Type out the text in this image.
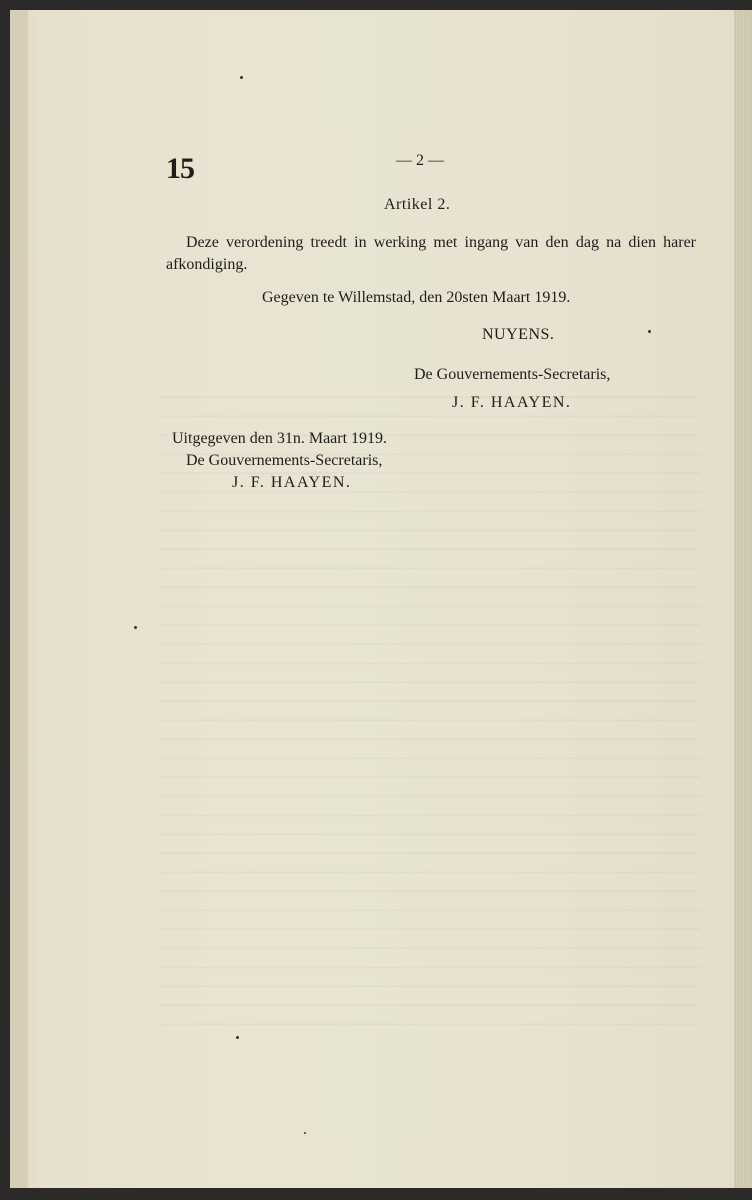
15	— 2 —

Artikel 2.

Deze verordening treedt in werking met ingang van den dag na dien harer afkondiging.

Gegeven te Willemstad, den 20sten Maart 1919.

NUYENS.

De Gouvernements-Secretaris,

J. F. HAAYEN.

Uitgegeven den 31n. Maart 1919.

De Gouvernements-Secretaris,

J. F. HAAYEN.
